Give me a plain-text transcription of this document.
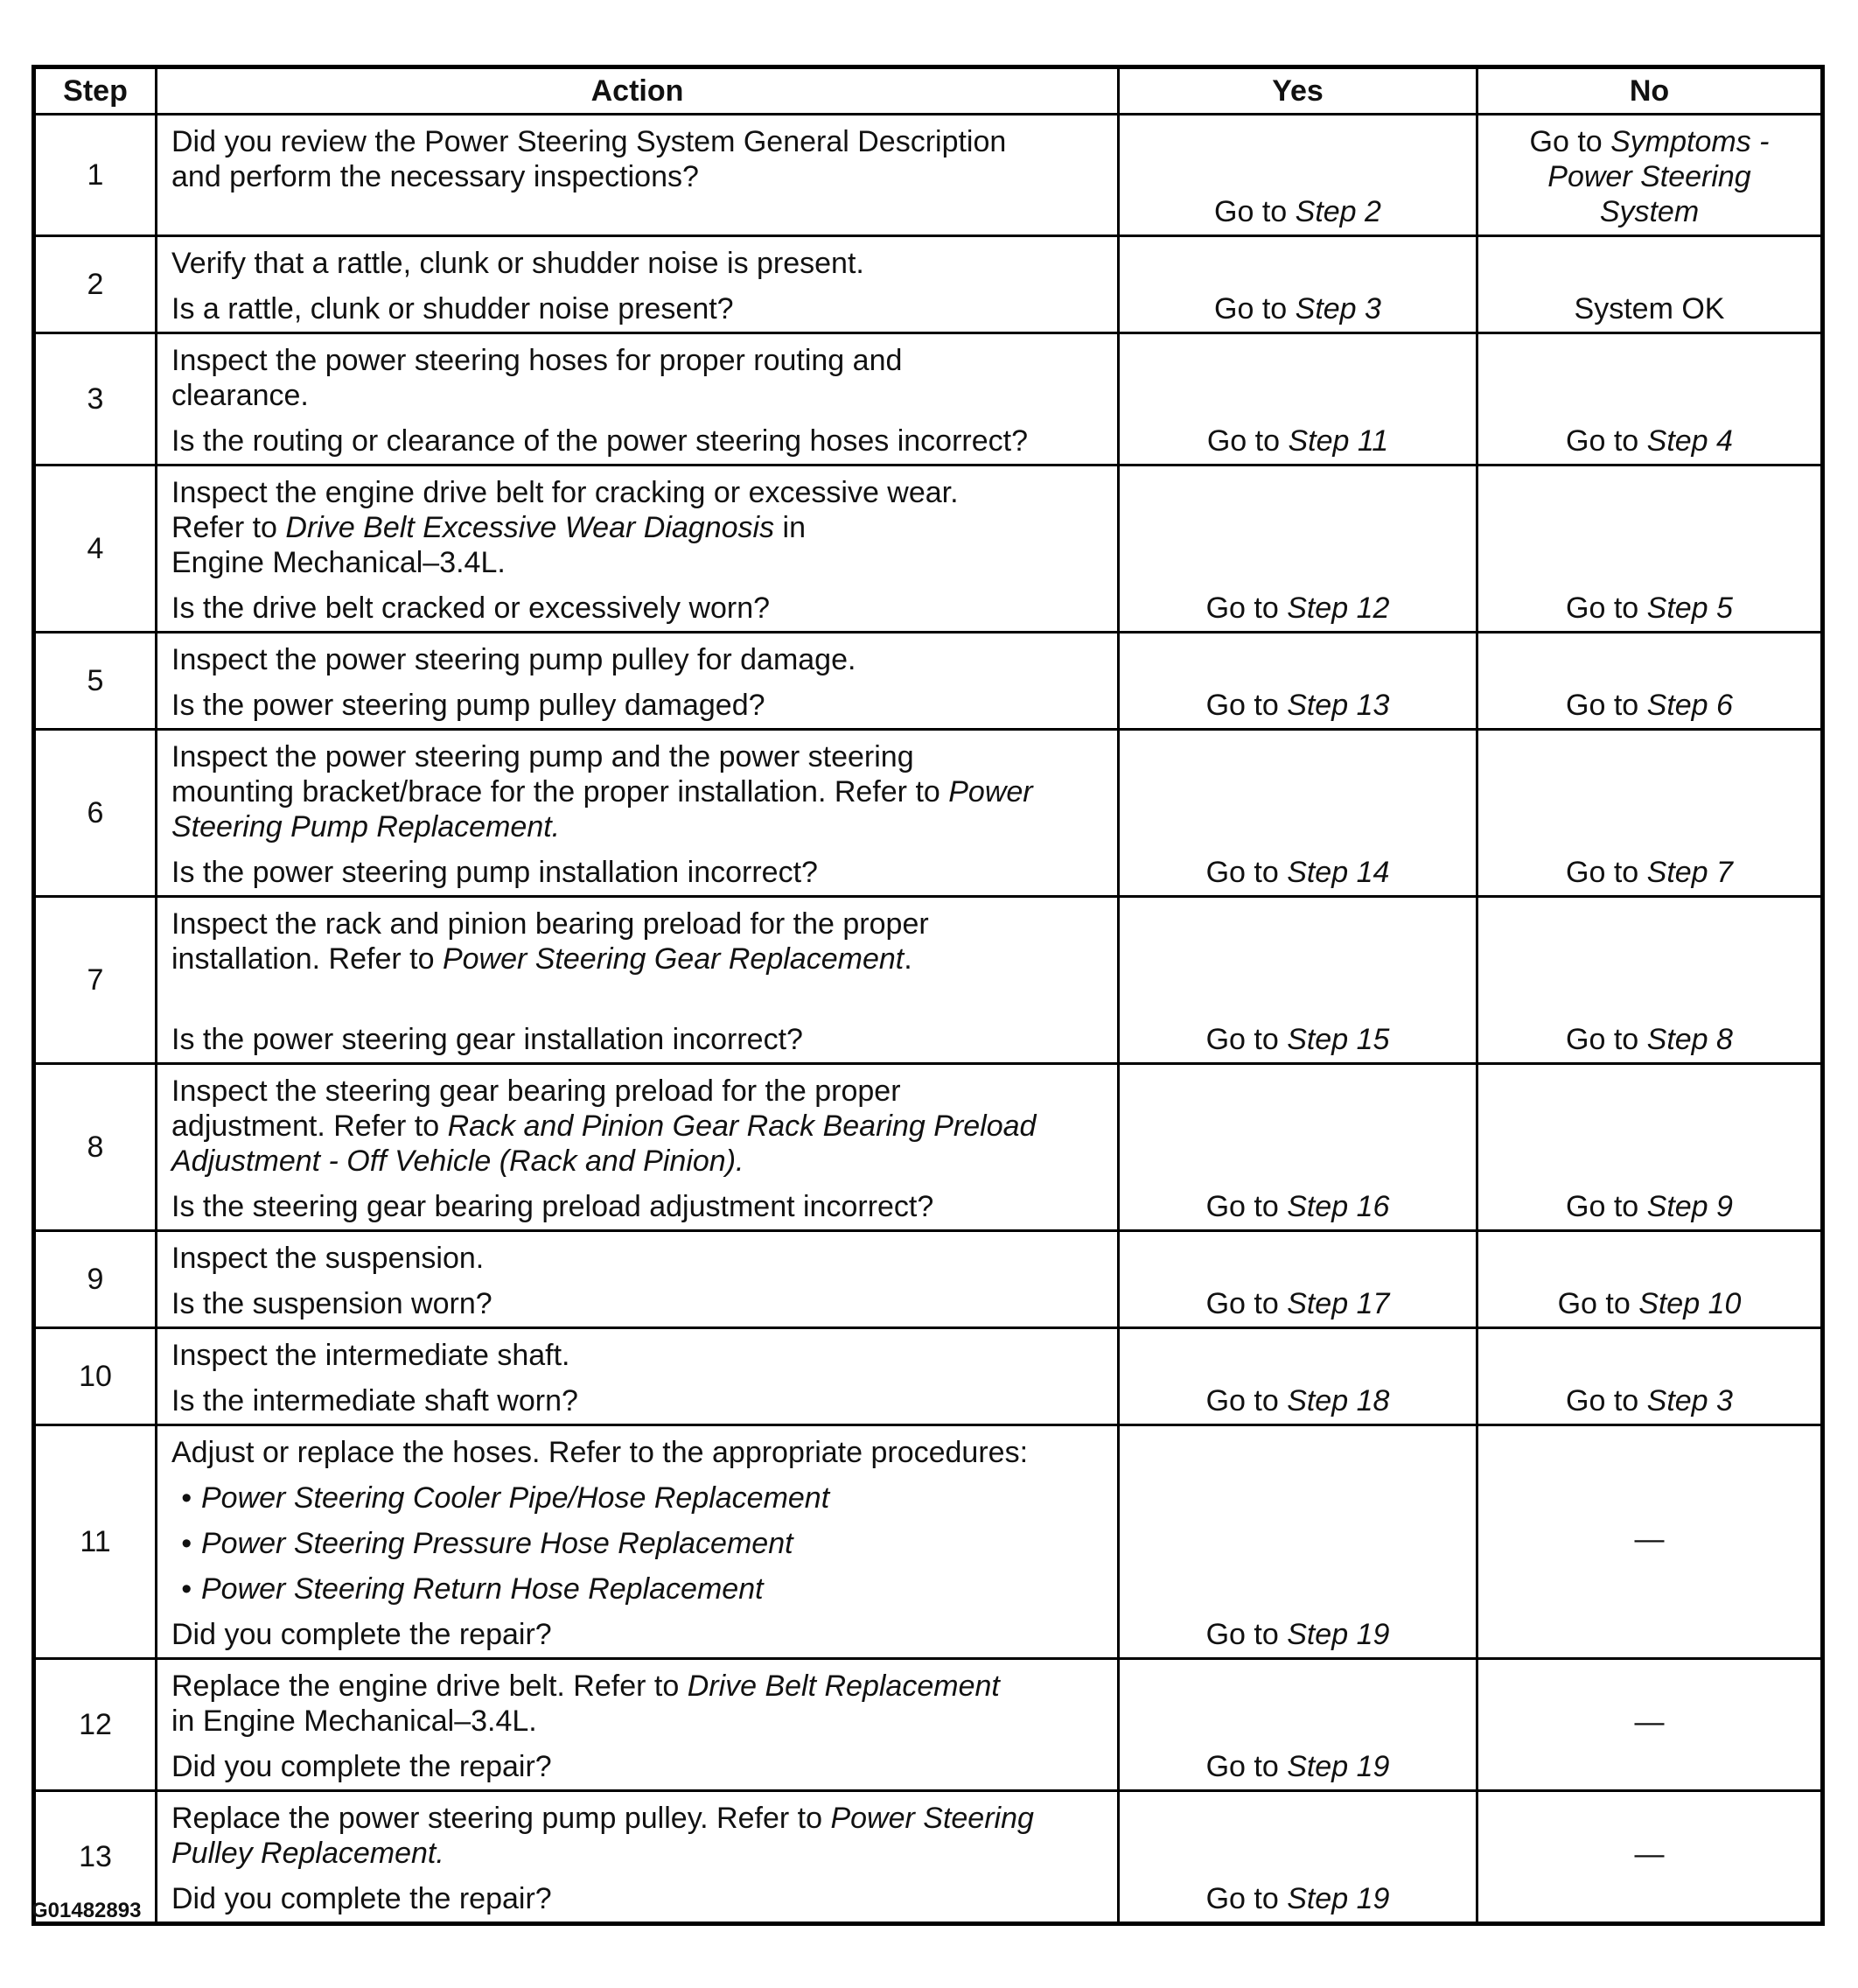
Step	Action	Yes	No
1	Did you review the Power Steering System General Description
and perform the necessary inspections?	Go to Step 2	Go to Symptoms -
Power Steering
System

2	Verify that a rattle, clunk or shudder noise is present.
Is a rattle, clunk or shudder noise present?	Go to Step 3	System OK
3	Inspect the power steering hoses for proper routing and
clearance.
Is the routing or clearance of the power steering hoses incorrect?	Go to Step 11	Go to Step 4
4	Inspect the engine drive belt for cracking or excessive wear.
Refer to Drive Belt Excessive Wear Diagnosis in
Engine Mechanical–3.4L.
Is the drive belt cracked or excessively worn?	Go to Step 12	Go to Step 5
5	Inspect the power steering pump pulley for damage.
Is the power steering pump pulley damaged?	Go to Step 13	Go to Step 6
6	Inspect the power steering pump and the power steering
mounting bracket/brace for the proper installation. Refer to Power
Steering Pump Replacement.
Is the power steering pump installation incorrect?	Go to Step 14	Go to Step 7
7	Inspect the rack and pinion bearing preload for the proper
installation. Refer to Power Steering Gear Replacement.
Is the power steering gear installation incorrect?	Go to Step 15	Go to Step 8
8	Inspect the steering gear bearing preload for the proper
adjustment. Refer to Rack and Pinion Gear Rack Bearing Preload
Adjustment - Off Vehicle (Rack and Pinion).
Is the steering gear bearing preload adjustment incorrect?	Go to Step 16	Go to Step 9
9	Inspect the suspension.
Is the suspension worn?	Go to Step 17	Go to Step 10
10	Inspect the intermediate shaft.
Is the intermediate shaft worn?	Go to Step 18	Go to Step 3
11	Adjust or replace the hoses. Refer to the appropriate procedures:
• Power Steering Cooler Pipe/Hose Replacement
• Power Steering Pressure Hose Replacement
• Power Steering Return Hose Replacement
Did you complete the repair?	Go to Step 19	—
12	Replace the engine drive belt. Refer to Drive Belt Replacement
in Engine Mechanical–3.4L.
Did you complete the repair?	Go to Step 19	—
13	Replace the power steering pump pulley. Refer to Power Steering
Pulley Replacement.
Did you complete the repair?	Go to Step 19	—
G01482893
